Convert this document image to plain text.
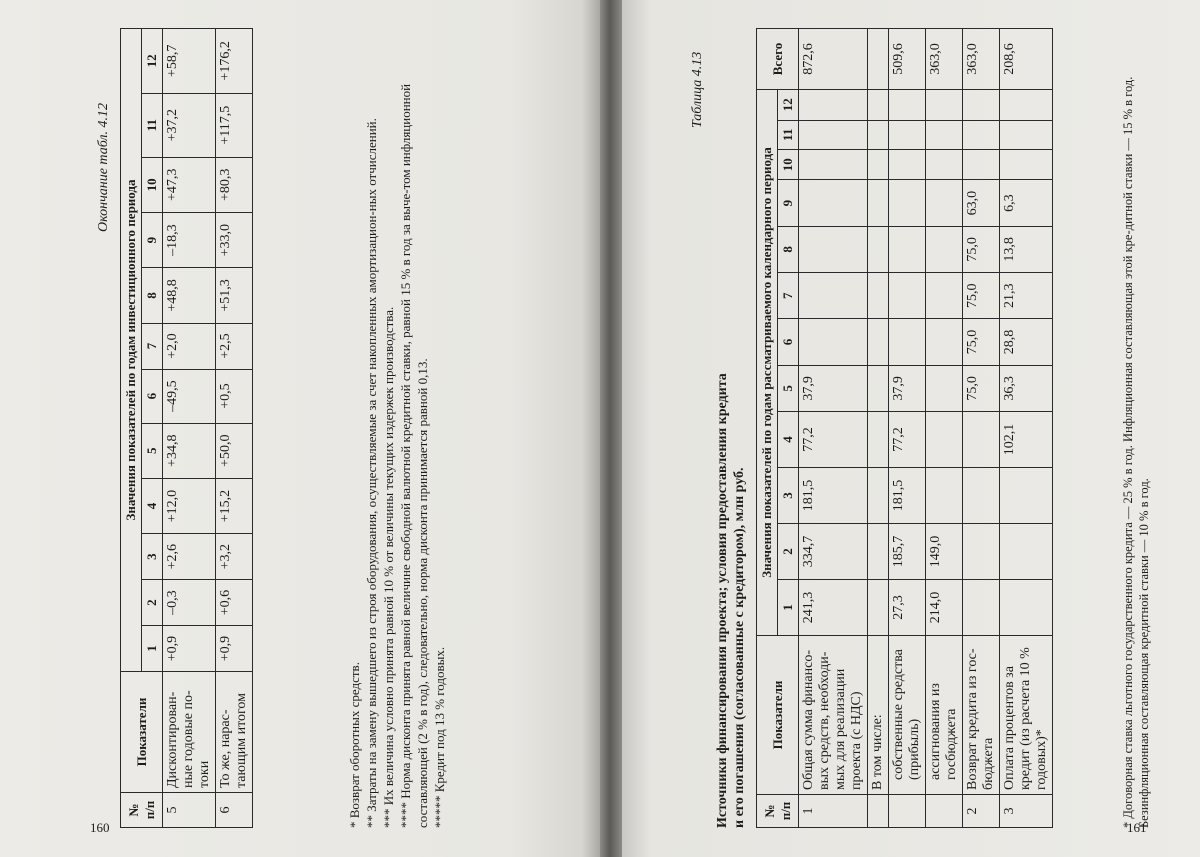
Окончание табл. 4.12
№ п/п	Показатели	Значения показателей по годам инвестиционного периода											
		1	2	3	4	5	6	7	8	9	10	11	12
5	Дисконтирован-ные годовые по-токи	+0,9	–0,3	+2,6	+12,0	+34,8	–49,5	+2,0	+48,8	–18,3	+47,3	+37,2	+58,7
6	То же, нарас-тающим итогом	+0,9	+0,6	+3,2	+15,2	+50,0	+0,5	+2,5	+51,3	+33,0	+80,3	+117,5	+176,2

* Возврат оборотных средств. ** Затраты на замену вышедшего из строя оборудования, осуществляемые за счет накопленных амортизацион-ных отчислений. *** Их величина условно принята равной 10 % от величины текущих издержек производства. **** Норма дисконта принята равной величине свободной валютной кредитной ставки, равной 15 % в год за выче-том инфляционной составляющей (2 % в год), следовательно, норма дисконта принимается равной 0,13. ***** Кредит под 13 % годовых.

160	161
Таблица 4.13
Источники финансирования проекта; условия предоставления кредита и его погашения (согласованные с кредитором), млн руб. № п/п	Показатели	Значения показателей по годам рассматриваемого календарного периода												Всего
		1	2	3	4	5	6	7	8	9	10	11	12	
1	Общая сумма финансо-вых средств, необходи-мых для реализации проекта (с НДС)	241,3	334,7	181,5	77,2	37,9								872,6
	В том числе:													
	собственные средства (прибыль)	27,3	185,7	181,5	77,2	37,9								509,6
	ассигнования из госбюджета	214,0	149,0											363,0
2	Возврат кредита из гос-бюджета					75,0	75,0	75,0	75,0	63,0				363,0
3	Оплата процентов за кредит (из расчета 10 % годовых)*				102,1	36,3	28,8	21,3	13,8	6,3				208,6
* Договорная ставка льготного государственного кредита — 25 % в год. Инфляционная составляющая этой кре-дитной ставки — 15 % в год. Безинфляционная составляющая кредитной ставки — 10 % в год.
